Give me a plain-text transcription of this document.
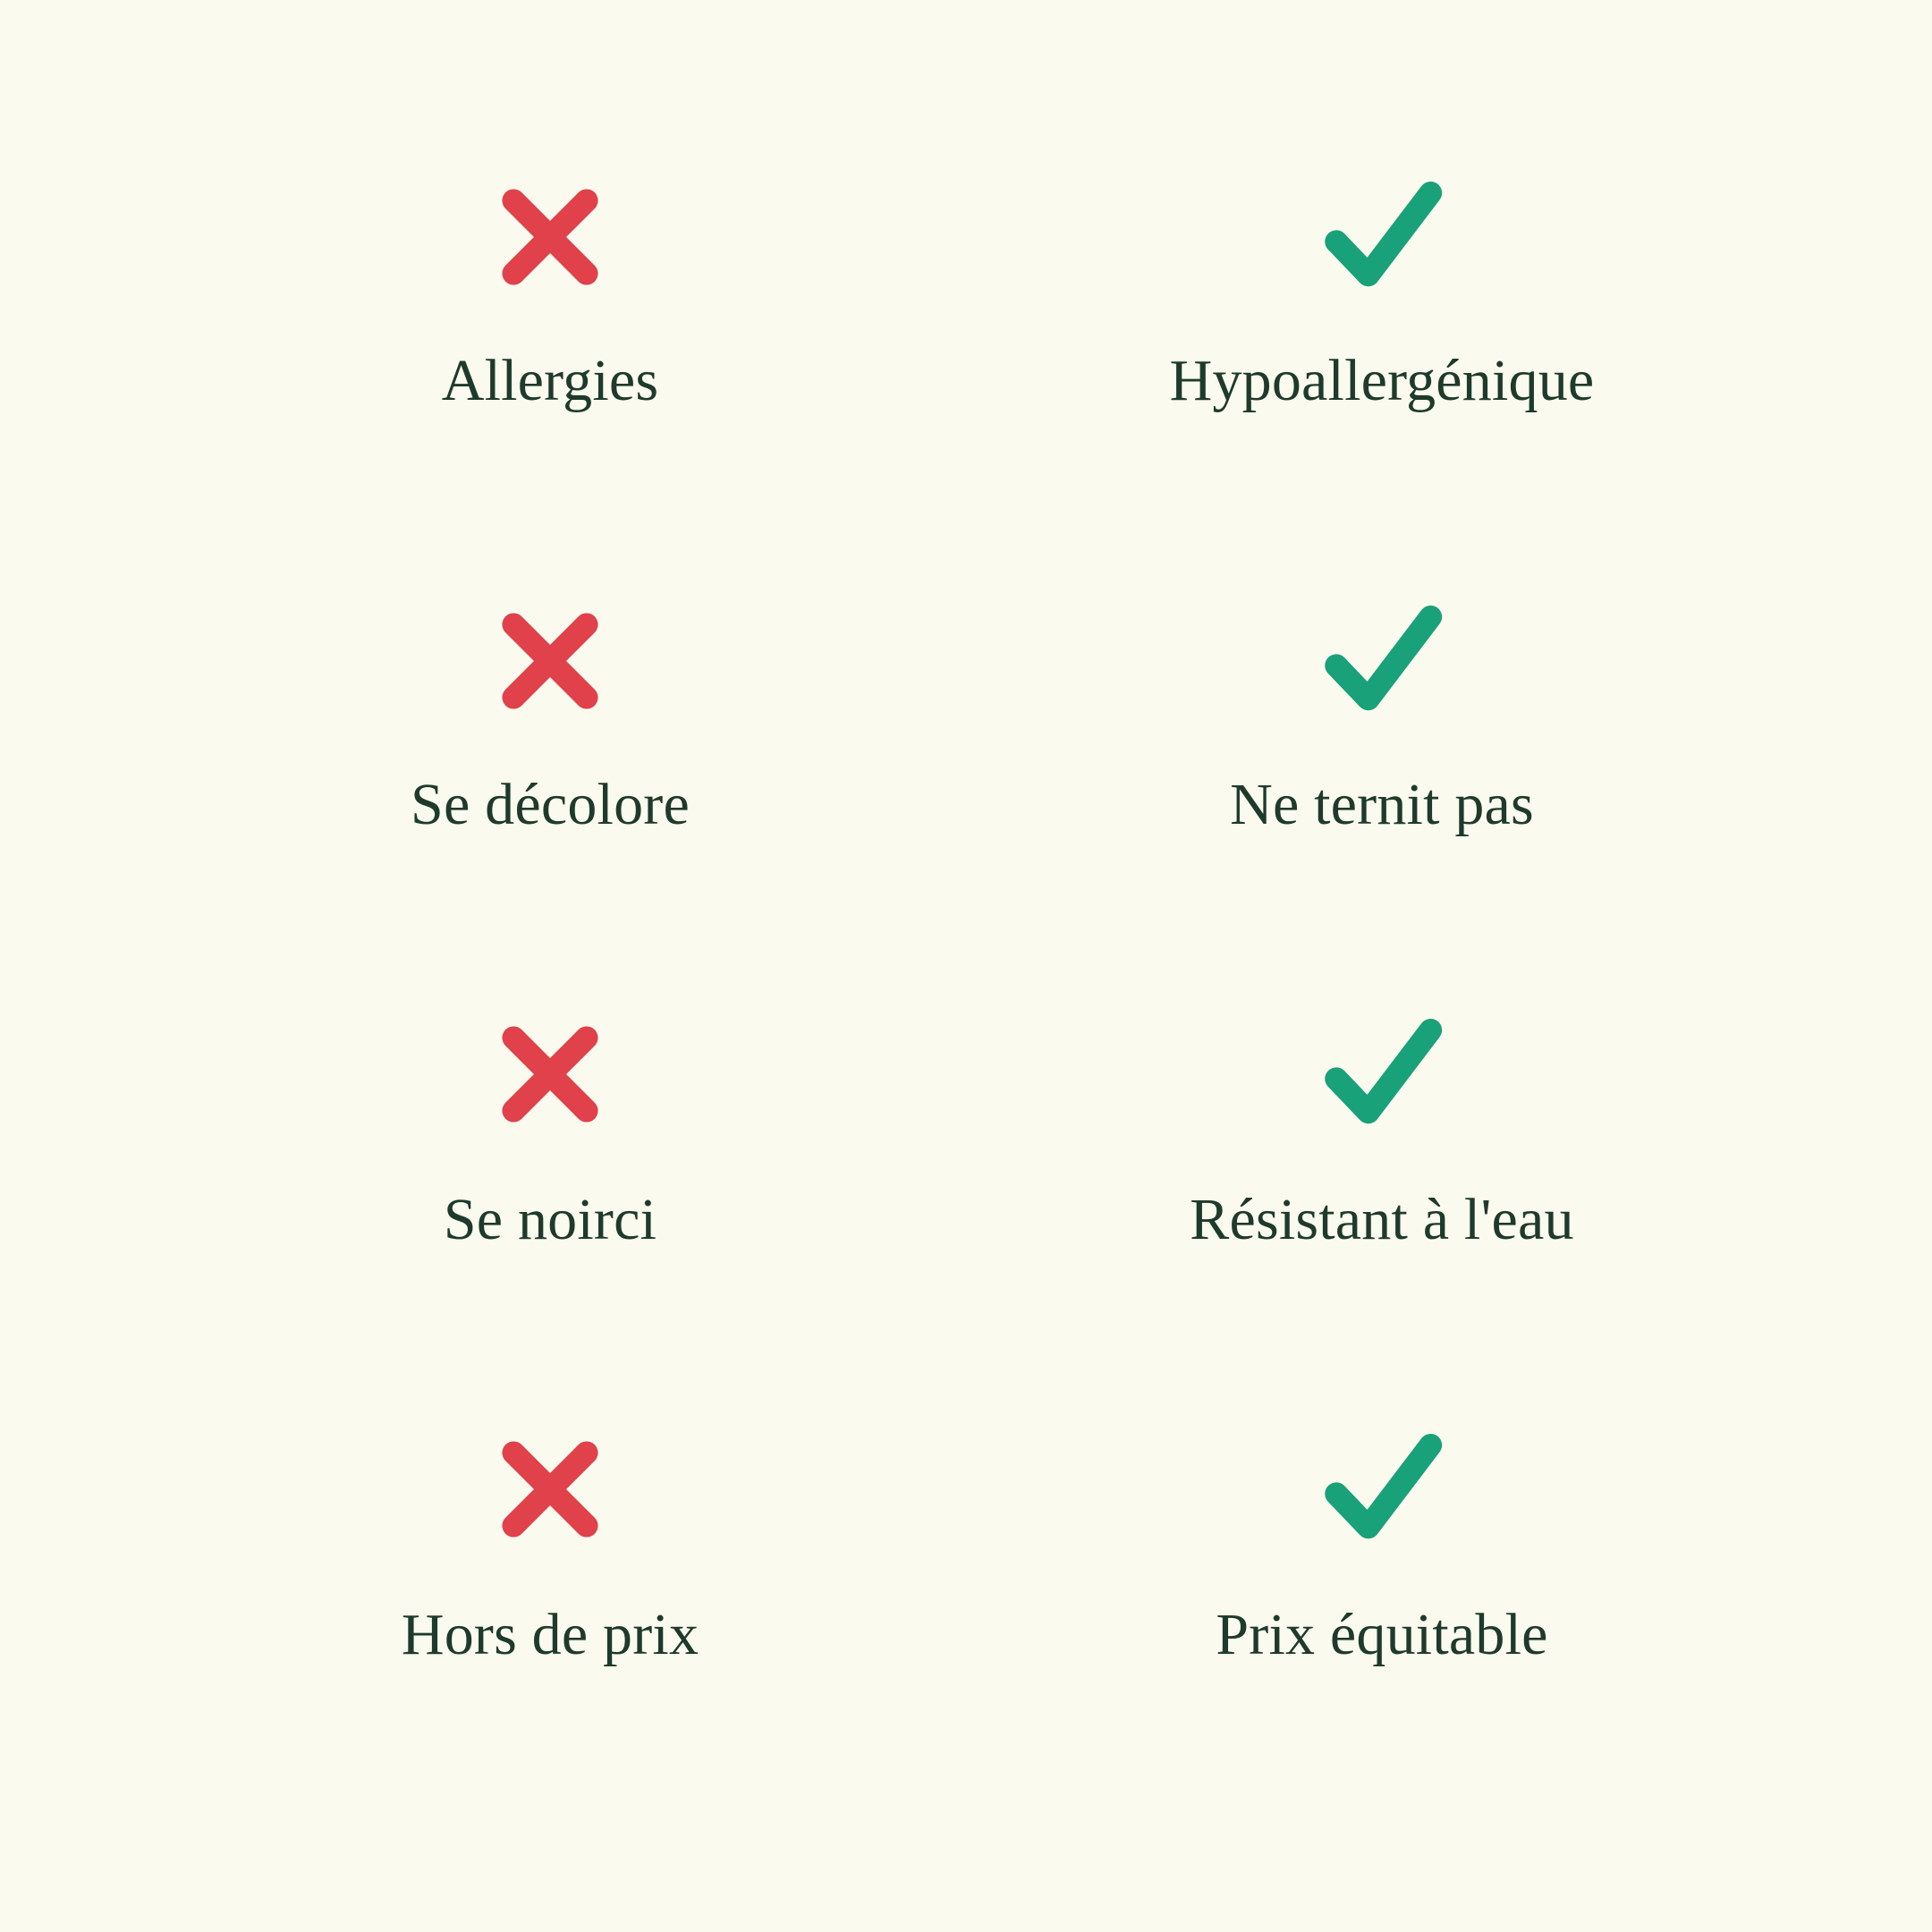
Allergies	Hypoallergénique
Se décolore	Ne ternit pas
Se noirci	Résistant à l'eau
Hors de prix	Prix équitable
